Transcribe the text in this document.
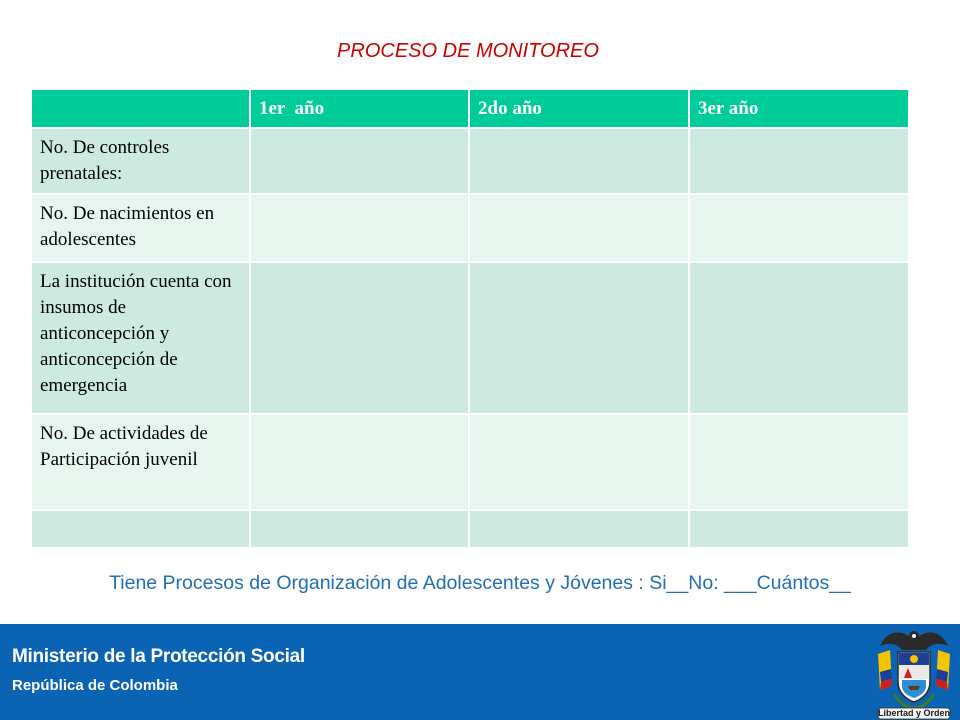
PROCESO DE MONITOREO
	1er  año	2do año	3er año
No. De controles prenatales:			
No. De nacimientos en adolescentes			
La institución cuenta con insumos de anticoncepción y anticoncepción de emergencia			
No. De actividades de Participación juvenil			

Tiene Procesos de Organización de Adolescentes y Jóvenes : Si__No: ___Cuántos__
Ministerio de la Protección Social
República de Colombia
Libertad y Orden
